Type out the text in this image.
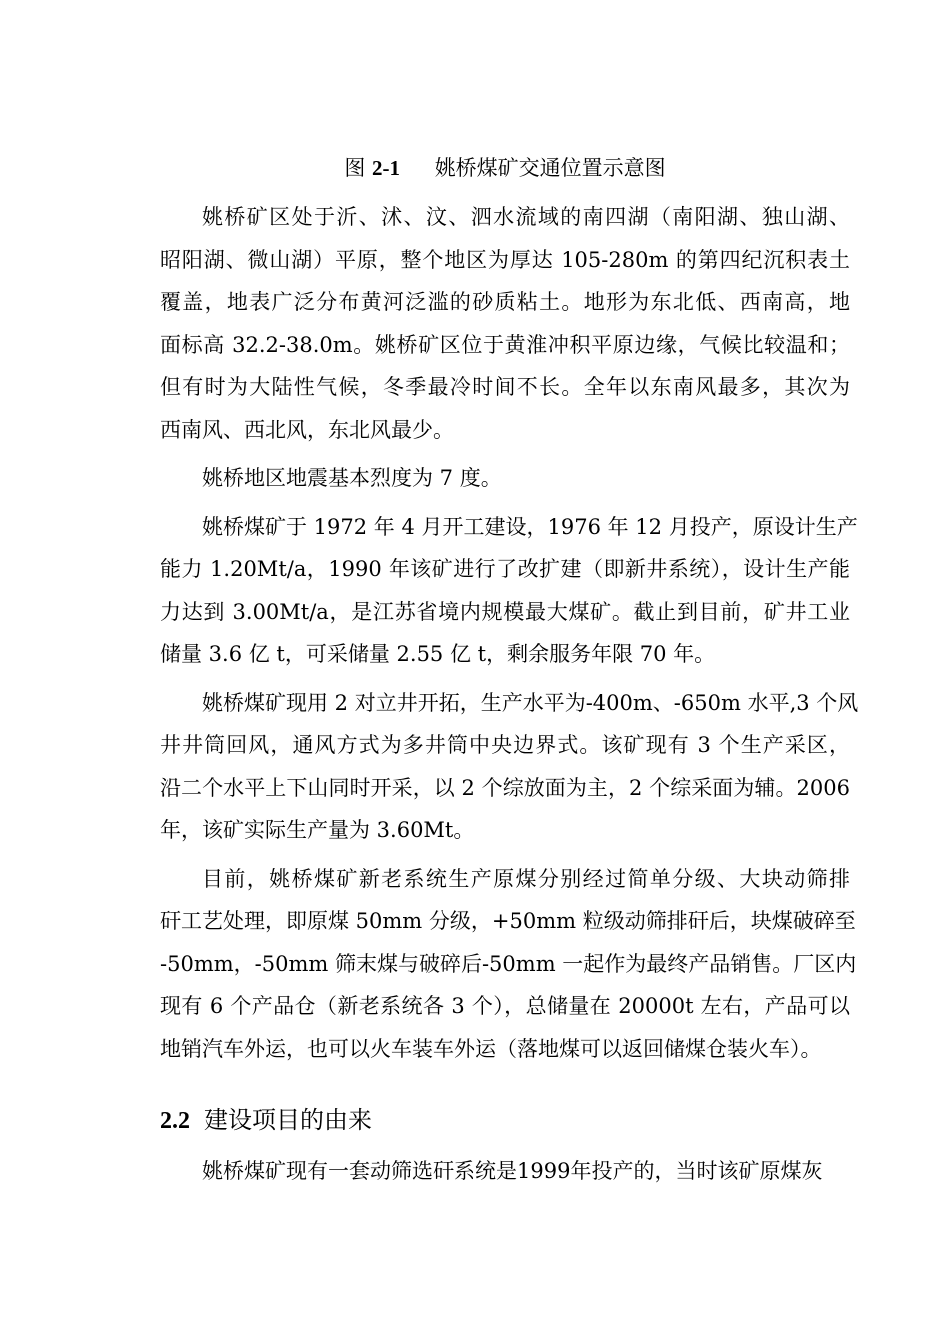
图 2-1 姚桥煤矿交通位置示意图
姚桥矿区处于沂、沭、汶、泗水流域的南四湖（南阳湖、独山湖、
昭阳湖、微山湖）平原，整个地区为厚达 105-280m 的第四纪沉积表土
覆盖，地表广泛分布黄河泛滥的砂质粘土。地形为东北低、西南高，地
面标高 32.2-38.0m。姚桥矿区位于黄淮冲积平原边缘，气候比较温和；
但有时为大陆性气候，冬季最冷时间不长。全年以东南风最多，其次为
西南风、西北风，东北风最少。
姚桥地区地震基本烈度为 7 度。
姚桥煤矿于 1972 年 4 月开工建设，1976 年 12 月投产，原设计生产
能力 1.20Mt/a，1990 年该矿进行了改扩建（即新井系统），设计生产能
力达到 3.00Mt/a，是江苏省境内规模最大煤矿。截止到目前，矿井工业
储量 3.6 亿 t，可采储量 2.55 亿 t，剩余服务年限 70 年。
姚桥煤矿现用 2 对立井开拓，生产水平为-400m、-650m 水平,3 个风
井井筒回风，通风方式为多井筒中央边界式。该矿现有 3 个生产采区，
沿二个水平上下山同时开采，以 2 个综放面为主，2 个综采面为辅。2006
年，该矿实际生产量为 3.60Mt。
目前，姚桥煤矿新老系统生产原煤分别经过简单分级、大块动筛排
矸工艺处理，即原煤 50mm 分级，+50mm 粒级动筛排矸后，块煤破碎至
-50mm，-50mm 筛末煤与破碎后-50mm 一起作为最终产品销售。厂区内
现有 6 个产品仓（新老系统各 3 个），总储量在 20000t 左右，产品可以
地销汽车外运，也可以火车装车外运（落地煤可以返回储煤仓装火车）。
2.2 建设项目的由来
姚桥煤矿现有一套动筛选矸系统是1999年投产的，当时该矿原煤灰
